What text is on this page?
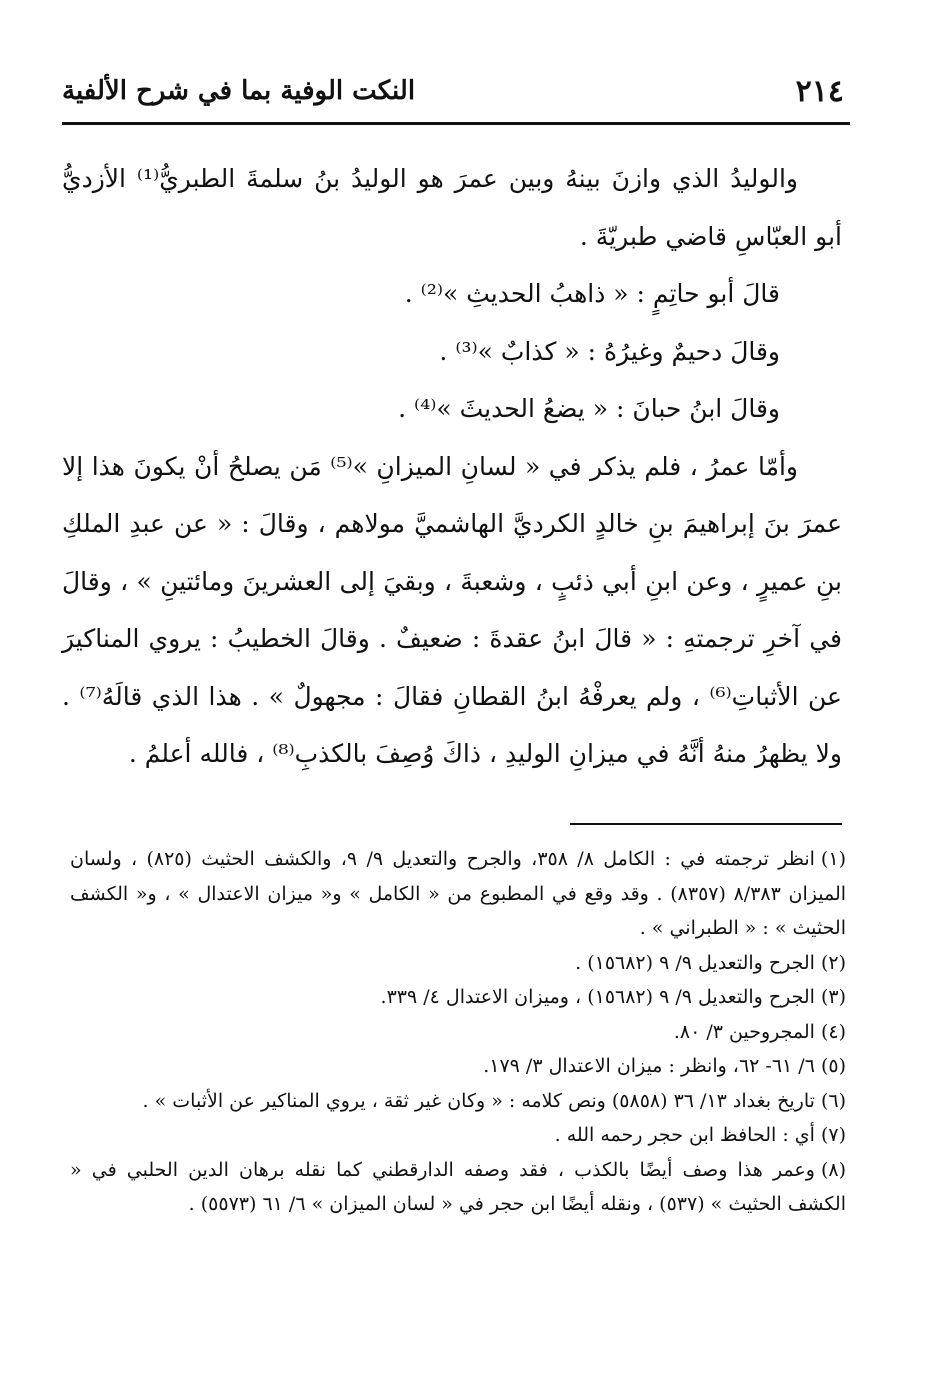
٢١٤
النكت الوفية بما في شرح الألفية

والوليدُ الذي وازنَ بينهُ وبين عمرَ هو الوليدُ بنُ سلمةَ الطبريُّ⁽¹⁾ الأزديُّ أبو العبّاسِ قاضي طبريّةَ .

قالَ أبو حاتِمٍ : « ذاهبُ الحديثِ »⁽²⁾ .

وقالَ دحيمٌ وغيرُهُ : « كذابٌ »⁽³⁾ .

وقالَ ابنُ حبانَ : « يضعُ الحديثَ »⁽⁴⁾ .

وأمّا عمرُ ، فلم يذكر في « لسانِ الميزانِ »⁽⁵⁾ مَن يصلحُ أنْ يكونَ هذا إلا عمرَ بنَ إبراهيمَ بنِ خالدٍ الكرديَّ الهاشميَّ مولاهم ، وقالَ : « عن عبدِ الملكِ بنِ عميرٍ ، وعن ابنِ أبي ذئبٍ ، وشعبةَ ، وبقيَ إلى العشرينَ ومائتينِ » ، وقالَ في آخرِ ترجمتهِ : « قالَ ابنُ عقدةَ : ضعيفٌ . وقالَ الخطيبُ : يروي المناكيرَ عن الأثباتِ⁽⁶⁾ ، ولم يعرفْهُ ابنُ القطانِ فقالَ : مجهولٌ » . هذا الذي قالَهُ⁽⁷⁾ . ولا يظهرُ منهُ أنَّهُ في ميزانِ الوليدِ ، ذاكَ وُصِفَ بالكذبِ⁽⁸⁾ ، فالله أعلمُ .

(١)انظر ترجمته في : الكامل ٨/ ٣٥٨، والجرح والتعديل ٩/ ٩، والكشف الحثيث (٨٢٥) ، ولسان الميزان ٨/٣٨٣ (٨٣٥٧) . وقد وقع في المطبوع من « الكامل » و« ميزان الاعتدال » ، و« الكشف الحثيث » : « الطبراني » .

(٢)الجرح والتعديل ٩/ ٩ (١٥٦٨٢) .

(٣)الجرح والتعديل ٩/ ٩ (١٥٦٨٢) ، وميزان الاعتدال ٤/ ٣٣٩.

(٤)المجروحين ٣/ ٨٠.

(٥)٦/ ٦١- ٦٢، وانظر : ميزان الاعتدال ٣/ ١٧٩.

(٦)تاريخ بغداد ١٣/ ٣٦ (٥٨٥٨) ونص كلامه : « وكان غير ثقة ، يروي المناكير عن الأثبات » .

(٧)أي : الحافظ ابن حجر رحمه الله .

(٨)وعمر هذا وصف أيضًا بالكذب ، فقد وصفه الدارقطني كما نقله برهان الدين الحلبي في « الكشف الحثيث » (٥٣٧) ، ونقله أيضًا ابن حجر في « لسان الميزان » ٦/ ٦١ (٥٥٧٣) .
